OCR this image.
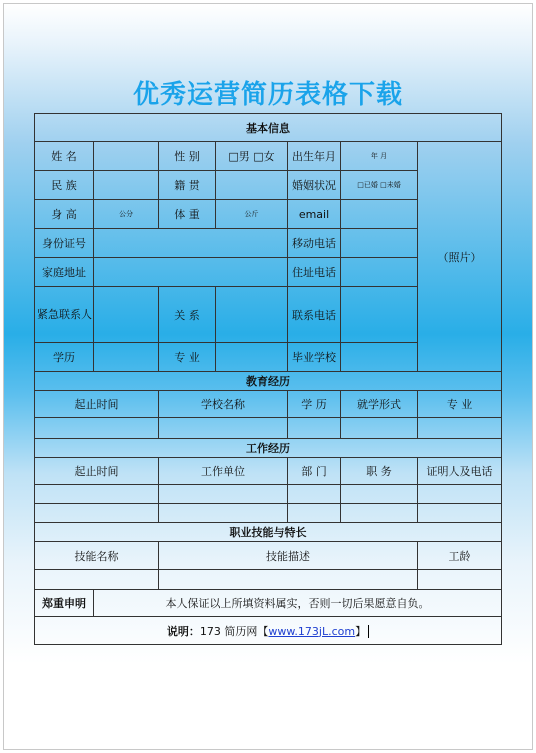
优秀运营简历表格下载
基本信息						
姓 名		性 别	□男 □女	出生年月	年 月	（照片）
民 族		籍 贯		婚姻状况	□已婚 □未婚	
身 高	公分	体 重	公斤	email		
身份证号				移动电话		
家庭地址				住址电话		
紧急联系人		关 系		联系电话		
学历		专 业		毕业学校		
教育经历						
起止时间		学校名称		学 历	就学形式	专 业

工作经历						
起止时间		工作单位		部 门	职 务	证明人及电话

职业技能与特长						
技能名称		技能描述				工龄

郑重申明	本人保证以上所填资料属实，否则一切后果愿意自负。					
说明：173 简历网【www.173jL.com】						
